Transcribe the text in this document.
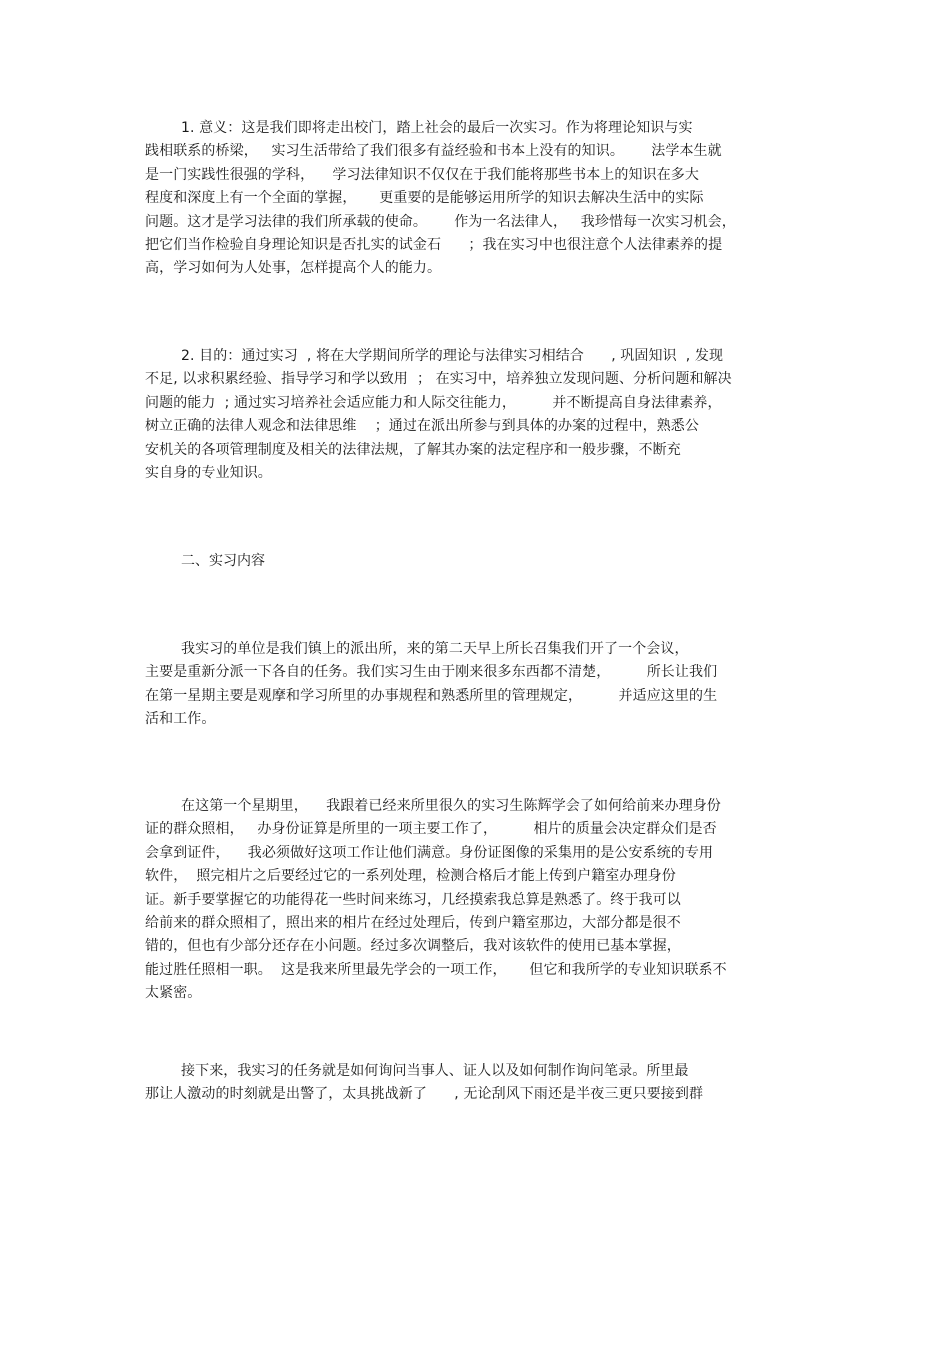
1. 意义：这是我们即将走出校门，踏上社会的最后一次实习。作为将理论知识与实
践相联系的桥梁，   实习生活带给了我们很多有益经验和书本上没有的知识。      法学本生就
是一门实践性很强的学科，    学习法律知识不仅仅在于我们能将那些书本上的知识在多大
程度和深度上有一个全面的掌握，     更重要的是能够运用所学的知识去解决生活中的实际
问题。这才是学习法律的我们所承载的使命。      作为一名法律人，   我珍惜每一次实习机会，
把它们当作检验自身理论知识是否扎实的试金石      ；我在实习中也很注意个人法律素养的提
高，学习如何为人处事，怎样提高个人的能力。
2. 目的：通过实习  , 将在大学期间所学的理论与法律实习相结合      , 巩固知识  , 发现
不足, 以求积累经验、指导学习和学以致用  ； 在实习中，培养独立发现问题、分析问题和解决
问题的能力  ; 通过实习培养社会适应能力和人际交往能力，        并不断提高自身法律素养，
树立正确的法律人观念和法律思维    ；通过在派出所参与到具体的办案的过程中，熟悉公
安机关的各项管理制度及相关的法律法规，了解其办案的法定程序和一般步骤，不断充
实自身的专业知识。
二、实习内容
我实习的单位是我们镇上的派出所，来的第二天早上所长召集我们开了一个会议，
主要是重新分派一下各自的任务。我们实习生由于刚来很多东西都不清楚，        所长让我们
在第一星期主要是观摩和学习所里的办事规程和熟悉所里的管理规定，        并适应这里的生
活和工作。
在这第一个星期里，    我跟着已经来所里很久的实习生陈辉学会了如何给前来办理身份
证的群众照相，   办身份证算是所里的一项主要工作了，        相片的质量会决定群众们是否
会拿到证件，    我必须做好这项工作让他们满意。身份证图像的采集用的是公安系统的专用
软件，  照完相片之后要经过它的一系列处理，检测合格后才能上传到户籍室办理身份
证。新手要掌握它的功能得花一些时间来练习，几经摸索我总算是熟悉了。终于我可以
给前来的群众照相了，照出来的相片在经过处理后，传到户籍室那边，大部分都是很不
错的，但也有少部分还存在小问题。经过多次调整后，我对该软件的使用已基本掌握，
能过胜任照相一职。  这是我来所里最先学会的一项工作，     但它和我所学的专业知识联系不
太紧密。
接下来，我实习的任务就是如何询问当事人、证人以及如何制作询问笔录。所里最
那让人激动的时刻就是出警了，太具挑战新了      , 无论刮风下雨还是半夜三更只要接到群
